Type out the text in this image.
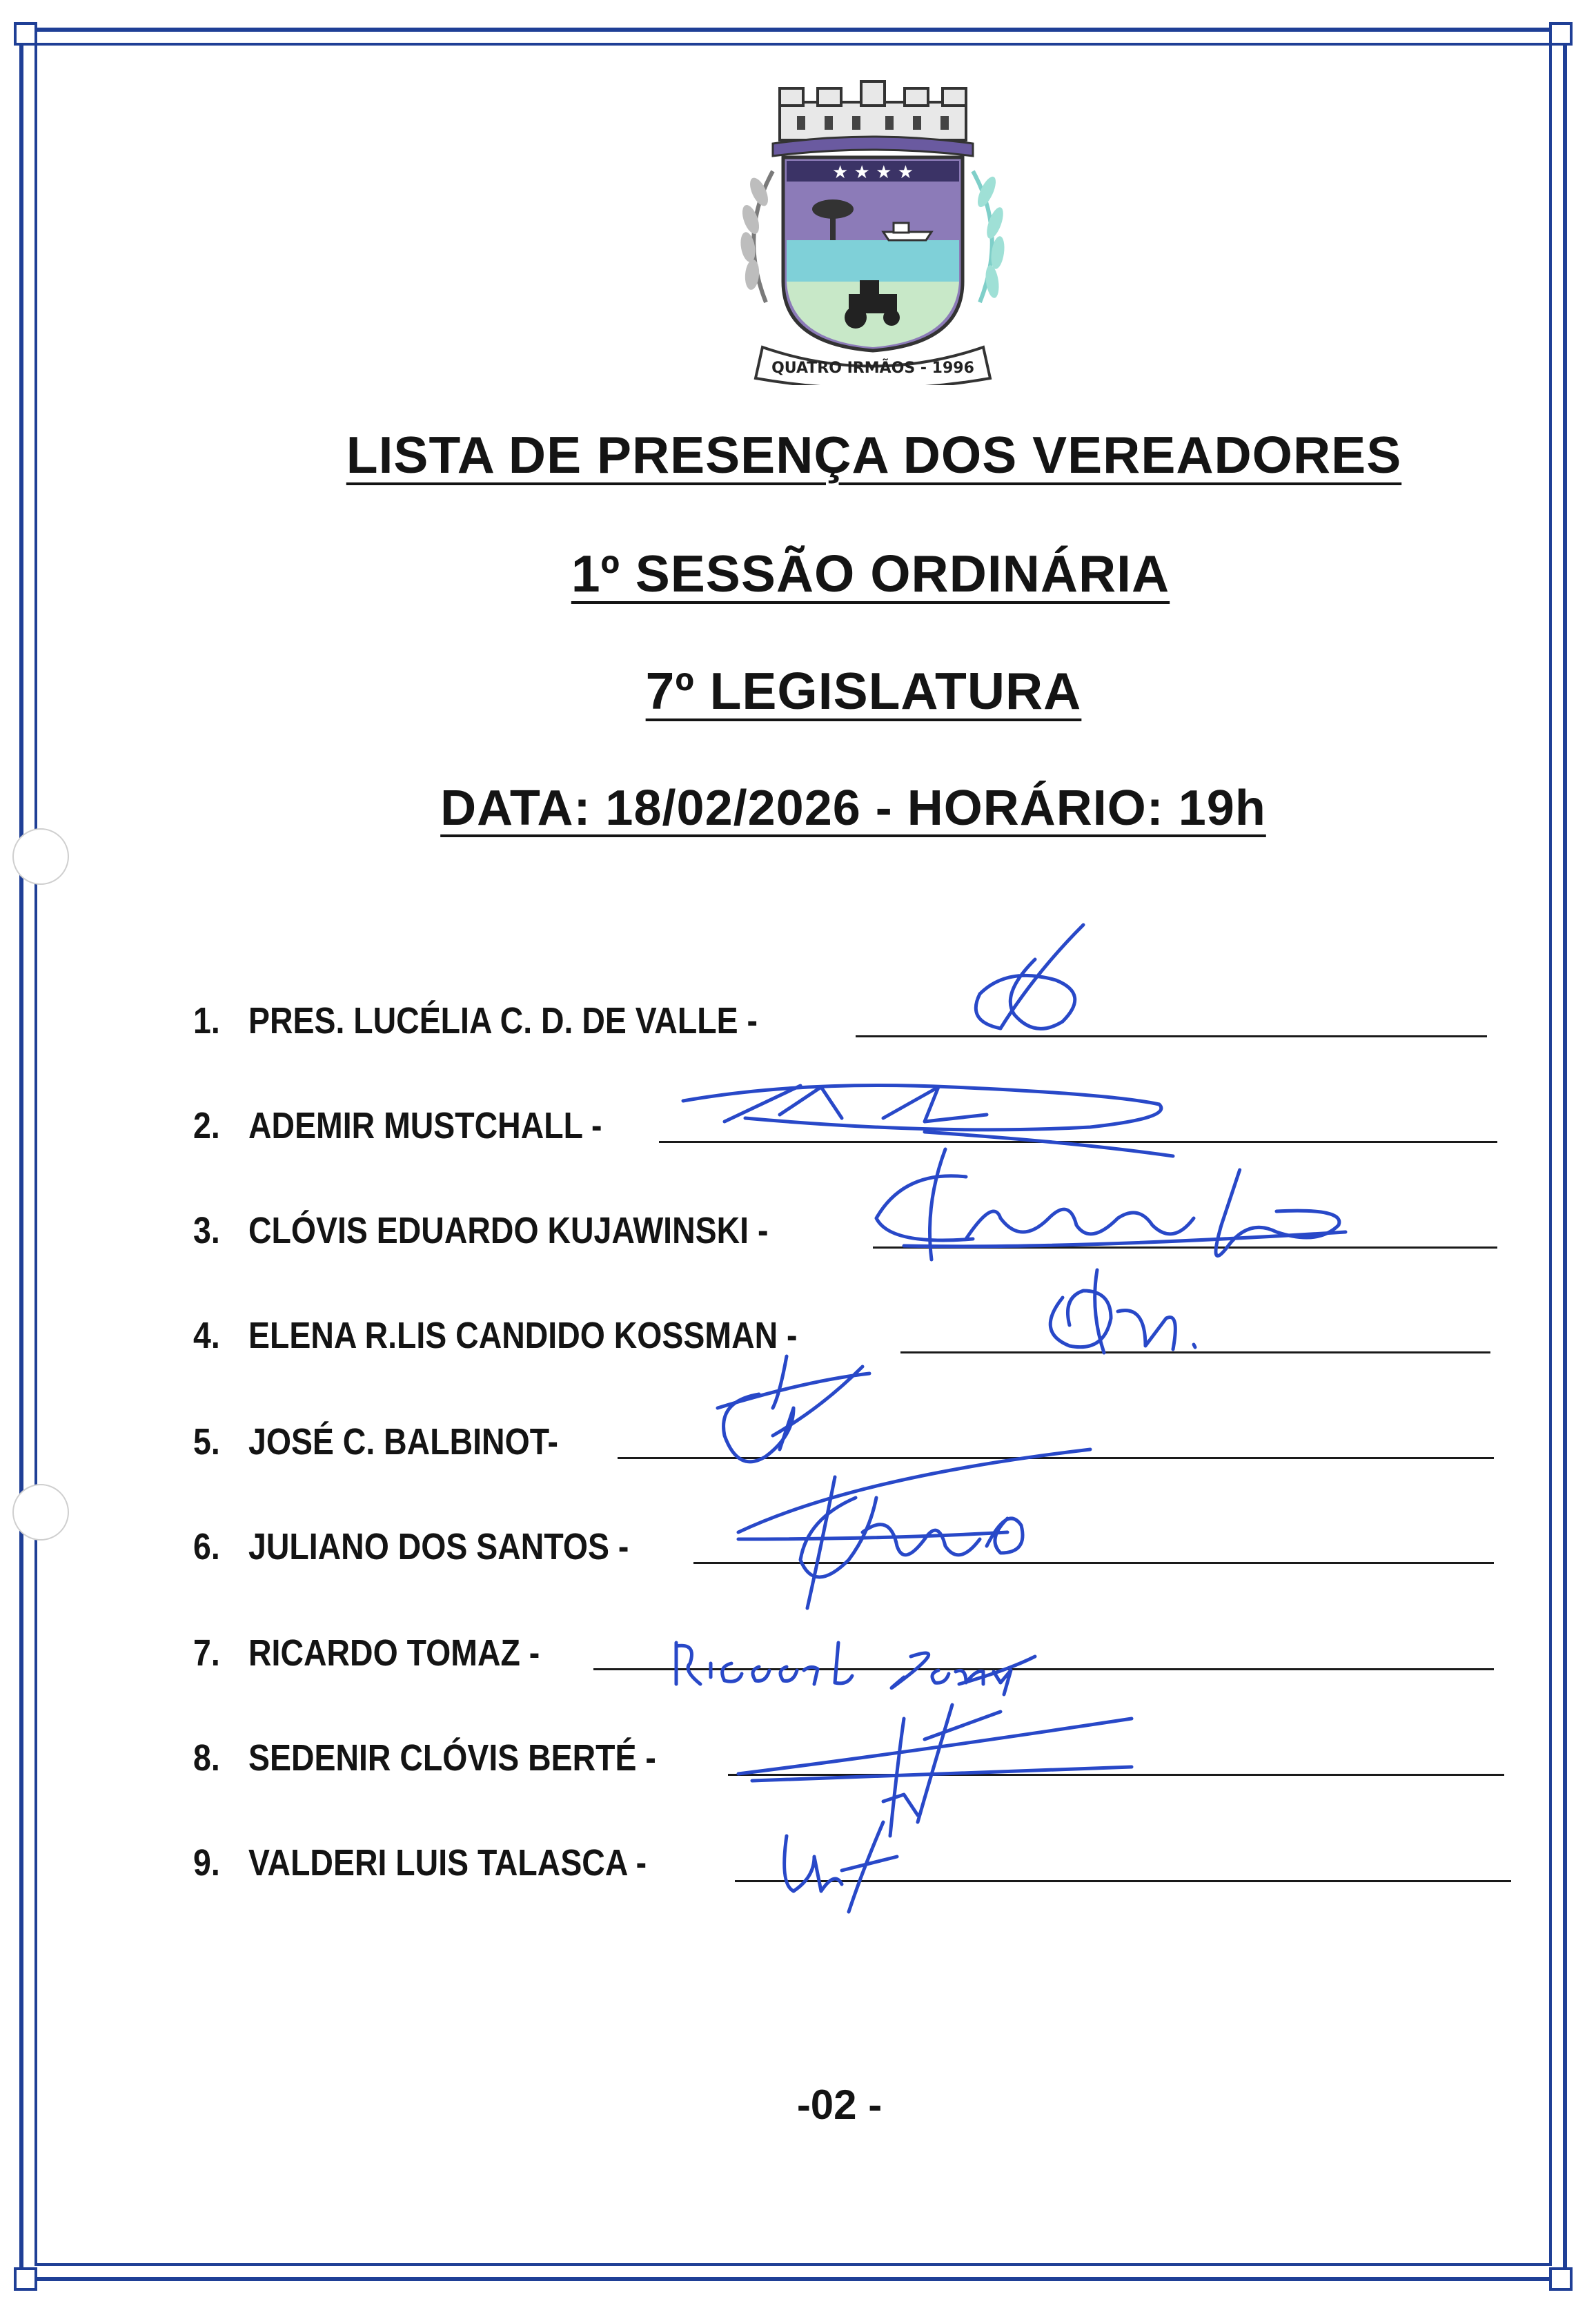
★ ★ ★ ★
QUATRO IRMÃOS - 1996
LISTA DE PRESENÇA DOS VEREADORES
1º SESSÃO ORDINÁRIA
7º LEGISLATURA
DATA: 18/02/2026 - HORÁRIO: 19h
1. PRES. LUCÉLIA C. D. DE VALLE -
2. ADEMIR MUSTCHALL -
3. CLÓVIS EDUARDO KUJAWINSKI -
4. ELENA R.LIS CANDIDO KOSSMAN -
5. JOSÉ C. BALBINOT-
6. JULIANO DOS SANTOS -
7. RICARDO TOMAZ -
8. SEDENIR CLÓVIS BERTÉ -
9. VALDERI LUIS TALASCA -
-02 -
